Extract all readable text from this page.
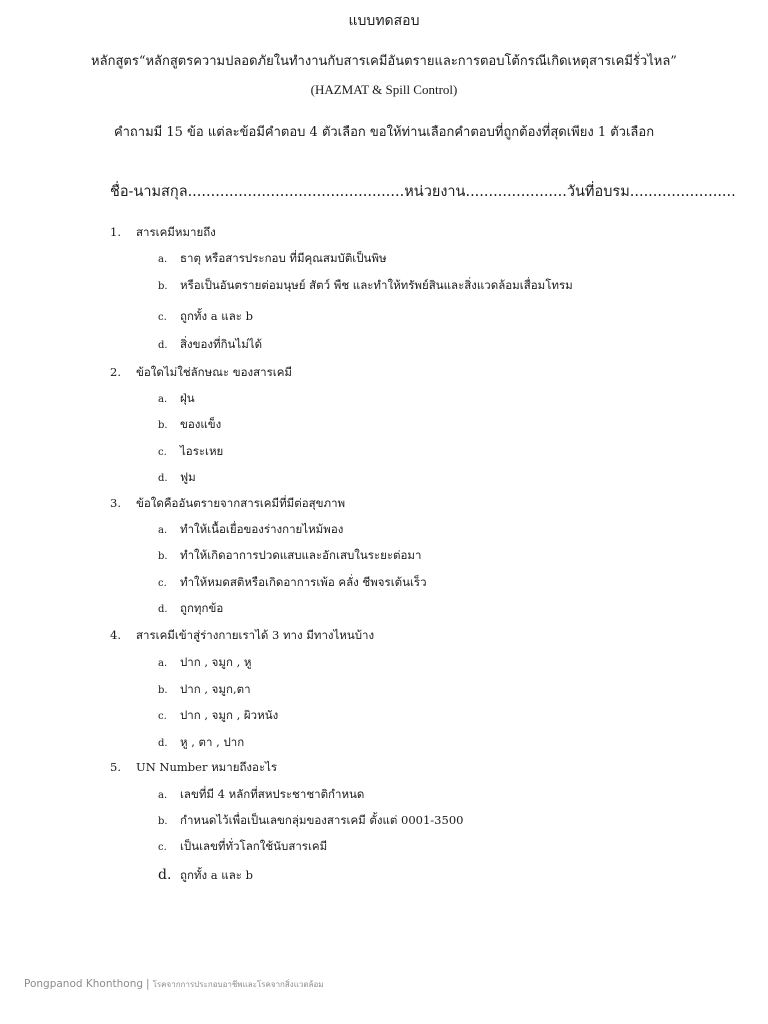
แบบทดสอบ
หลักสูตร“หลักสูตรความปลอดภัยในทำงานกับสารเคมีอันตรายและการตอบโต้กรณีเกิดเหตุสารเคมีรั่วไหล”
(HAZMAT & Spill Control)
คำถามมี 15 ข้อ แต่ละข้อมีคำตอบ 4 ตัวเลือก ขอให้ท่านเลือกคำตอบที่ถูกต้องที่สุดเพียง 1 ตัวเลือก
ชื่อ-นามสกุล...............................................หน่วยงาน......................วันที่อบรม.......................
1. สารเคมีหมายถึง
a. ธาตุ หรือสารประกอบ ที่มีคุณสมบัติเป็นพิษ
b. หรือเป็นอันตรายต่อมนุษย์ สัตว์ พืช และทำให้ทรัพย์สินและสิ่งแวดล้อมเสื่อมโทรม
c. ถูกทั้ง a และ b
d. สิ่งของที่กินไม่ได้
2. ข้อใดไม่ใช่ลักษณะ ของสารเคมี
a. ฝุ่น
b. ของแข็ง
c. ไอระเหย
d. ฟูม
3. ข้อใดคืออันตรายจากสารเคมีที่มีต่อสุขภาพ
a. ทำให้เนื้อเยื่อของร่างกายไหม้พอง
b. ทำให้เกิดอาการปวดแสบและอักเสบในระยะต่อมา
c. ทำให้หมดสติหรือเกิดอาการเพ้อ คลั่ง ชีพจรเต้นเร็ว
d. ถูกทุกข้อ
4. สารเคมีเข้าสู่ร่างกายเราได้ 3 ทาง มีทางไหนบ้าง
a. ปาก , จมูก , หู
b. ปาก , จมูก,ตา
c. ปาก , จมูก , ผิวหนัง
d. หู , ตา , ปาก
5. UN Number หมายถึงอะไร
a. เลขที่มี 4 หลักที่สหประชาชาติกำหนด
b. กำหนดไว้เพื่อเป็นเลขกลุ่มของสารเคมี ตั้งแต่ 0001-3500
c. เป็นเลขที่ทั่วโลกใช้นับสารเคมี
d. ถูกทั้ง a และ b
Pongpanod Khonthong | โรคจากการประกอบอาชีพและโรคจากสิ่งแวดล้อม
